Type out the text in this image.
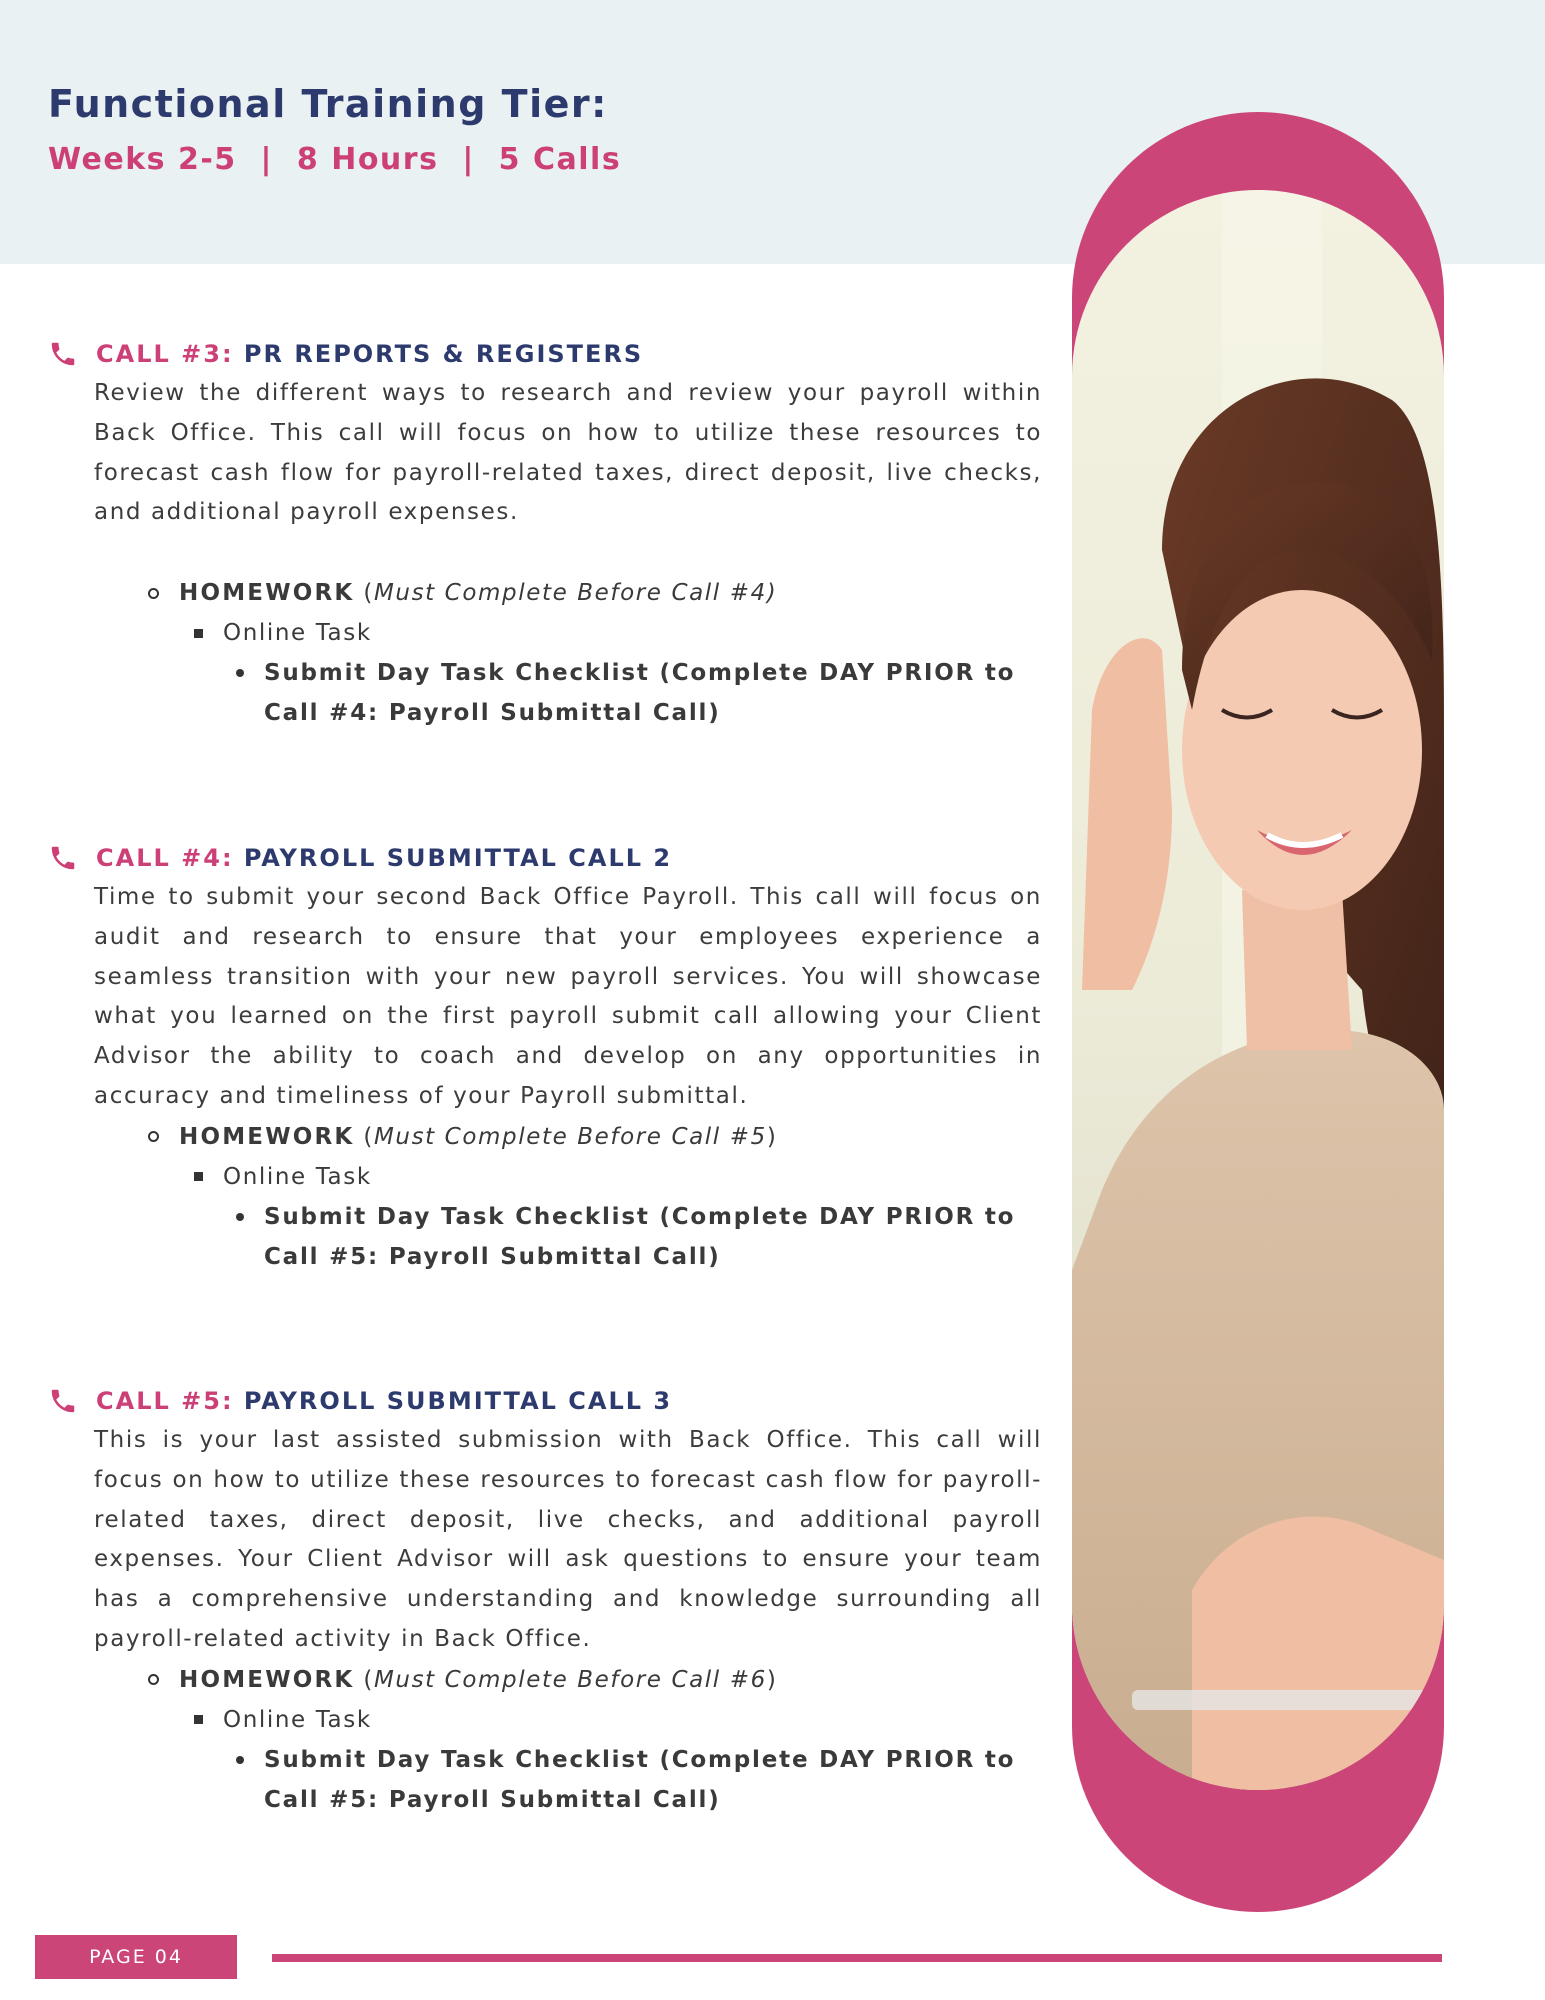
Functional Training Tier:
Weeks 2-5  |  8 Hours  |  5 Calls
CALL #3: PR REPORTS & REGISTERS

Review the different ways to research and review your payroll within Back Office. This call will focus on how to utilize these resources to forecast cash flow for payroll-related taxes, direct deposit, live checks, and additional payroll expenses.

HOMEWORK ( Must Complete Before Call #4)
Online Task
Submit Day Task Checklist (Complete DAY PRIOR to Call #4: Payroll Submittal Call)
CALL #4: PAYROLL SUBMITTAL CALL 2

Time to submit your second Back Office Payroll. This call will focus on audit and research to ensure that your employees experience a seamless transition with your new payroll services. You will showcase what you learned on the first payroll submit call allowing your Client Advisor the ability to coach and develop on any opportunities in accuracy and timeliness of your Payroll submittal.

HOMEWORK ( Must Complete Before Call #5 )
Online Task
Submit Day Task Checklist (Complete DAY PRIOR to Call #5: Payroll Submittal Call)
CALL #5: PAYROLL SUBMITTAL CALL 3

This is your last assisted submission with Back Office. This call will focus on how to utilize these resources to forecast cash flow for payroll-related taxes, direct deposit, live checks, and additional payroll expenses. Your Client Advisor will ask questions to ensure your team has a comprehensive understanding and knowledge surrounding all payroll-related activity in Back Office.

HOMEWORK ( Must Complete Before Call #6 )
Online Task
Submit Day Task Checklist (Complete DAY PRIOR to Call #5: Payroll Submittal Call)
PAGE 04
